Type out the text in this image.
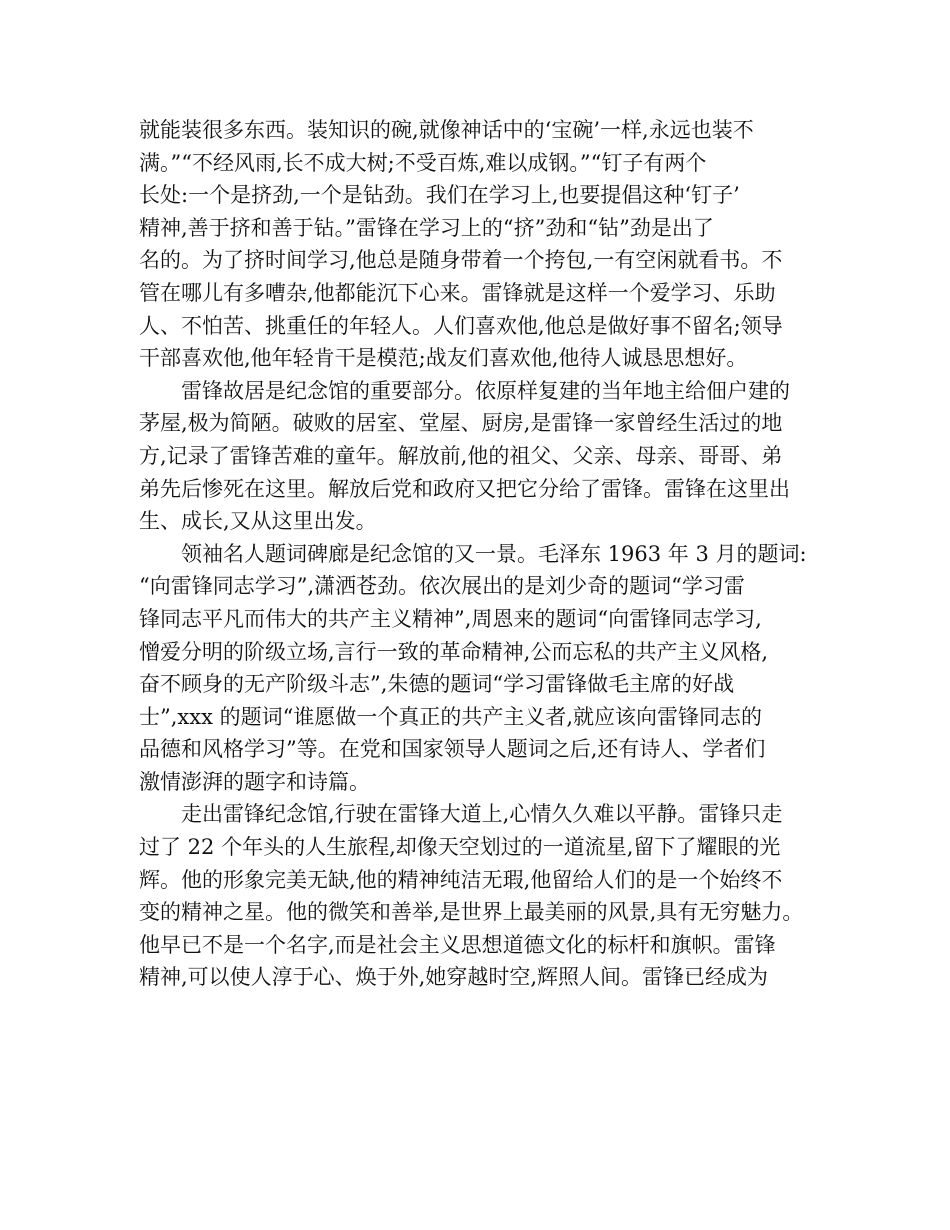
就能装很多东西。装知识的碗,就像神话中的‘宝碗’一样,永远也装不
满。”“不经风雨,长不成大树;不受百炼,难以成钢。”“钉子有两个
长处:一个是挤劲,一个是钻劲。我们在学习上,也要提倡这种‘钉子’
精神,善于挤和善于钻。”雷锋在学习上的“挤”劲和“钻”劲是出了
名的。为了挤时间学习,他总是随身带着一个挎包,一有空闲就看书。不
管在哪儿有多嘈杂,他都能沉下心来。雷锋就是这样一个爱学习、乐助
人、不怕苦、挑重任的年轻人。人们喜欢他,他总是做好事不留名;领导
干部喜欢他,他年轻肯干是模范;战友们喜欢他,他待人诚恳思想好。
雷锋故居是纪念馆的重要部分。依原样复建的当年地主给佃户建的
茅屋,极为简陋。破败的居室、堂屋、厨房,是雷锋一家曾经生活过的地
方,记录了雷锋苦难的童年。解放前,他的祖父、父亲、母亲、哥哥、弟
弟先后惨死在这里。解放后党和政府又把它分给了雷锋。雷锋在这里出
生、成长,又从这里出发。
领袖名人题词碑廊是纪念馆的又一景。毛泽东 1963 年 3 月的题词:
“向雷锋同志学习”,潇洒苍劲。依次展出的是刘少奇的题词“学习雷
锋同志平凡而伟大的共产主义精神”,周恩来的题词“向雷锋同志学习,
憎爱分明的阶级立场,言行一致的革命精神,公而忘私的共产主义风格,
奋不顾身的无产阶级斗志”,朱德的题词“学习雷锋做毛主席的好战
士”,xxx 的题词“谁愿做一个真正的共产主义者,就应该向雷锋同志的
品德和风格学习”等。在党和国家领导人题词之后,还有诗人、学者们
激情澎湃的题字和诗篇。
走出雷锋纪念馆,行驶在雷锋大道上,心情久久难以平静。雷锋只走
过了 22 个年头的人生旅程,却像天空划过的一道流星,留下了耀眼的光
辉。他的形象完美无缺,他的精神纯洁无瑕,他留给人们的是一个始终不
变的精神之星。他的微笑和善举,是世界上最美丽的风景,具有无穷魅力。
他早已不是一个名字,而是社会主义思想道德文化的标杆和旗帜。雷锋
精神,可以使人淳于心、焕于外,她穿越时空,辉照人间。雷锋已经成为
